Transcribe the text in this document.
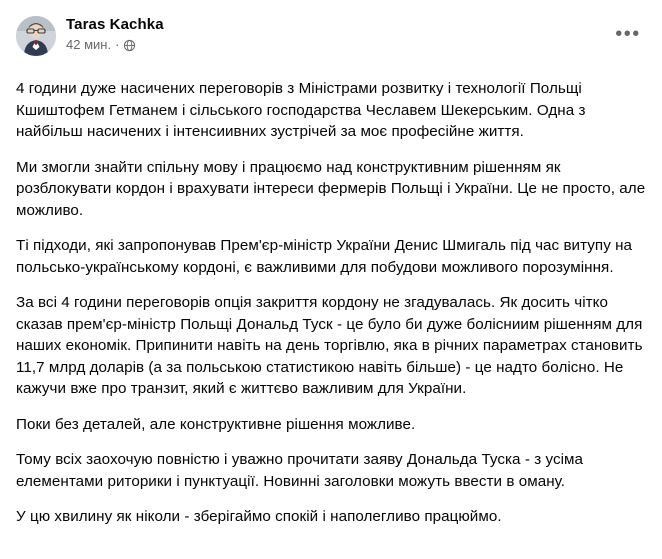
Taras Kachka
42 мин. ·	•••

4 години дуже насичених переговорів з Міністрами розвитку і технології Польщі Кшиштофем Гетманем і сільського господарства Чеславем Шекерським. Одна з найбільш насичених і інтенсиивних зустрічей за моє професійне життя.

Ми змогли знайти спільну мову і працюємо над конструктивним рішенням як розблокувати кордон і врахувати інтереси фермерів Польщі і України. Це не просто, але можливо.

Ті підходи, які запропонував Прем'єр-міністр України Денис Шмигаль під час витупу на польсько-українському кордоні, є важливими для побудови можливого порозуміння.

За всі 4 години переговорів опція закриття кордону не згадувалась. Як досить чітко сказав прем'єр-міністр Польщі Дональд Туск - це було би дуже болісниим рішенням для наших економік. Припинити навіть на день торгівлю, яка в річних параметрах становить 11,7 млрд доларів (а за польською статистикою навіть більше) - це надто болісно. Не кажучи вже про транзит, який є життєво важливим для України.

Поки без деталей, але конструктивне рішення можливе.

Тому всіх заохочую повністю і уважно прочитати заяву Дональда Туска - з усіма елементами риторики і пунктуації. Новинні заголовки можуть ввести в оману.

У цю хвилину як ніколи - зберігаймо спокій і наполегливо працюймо.
